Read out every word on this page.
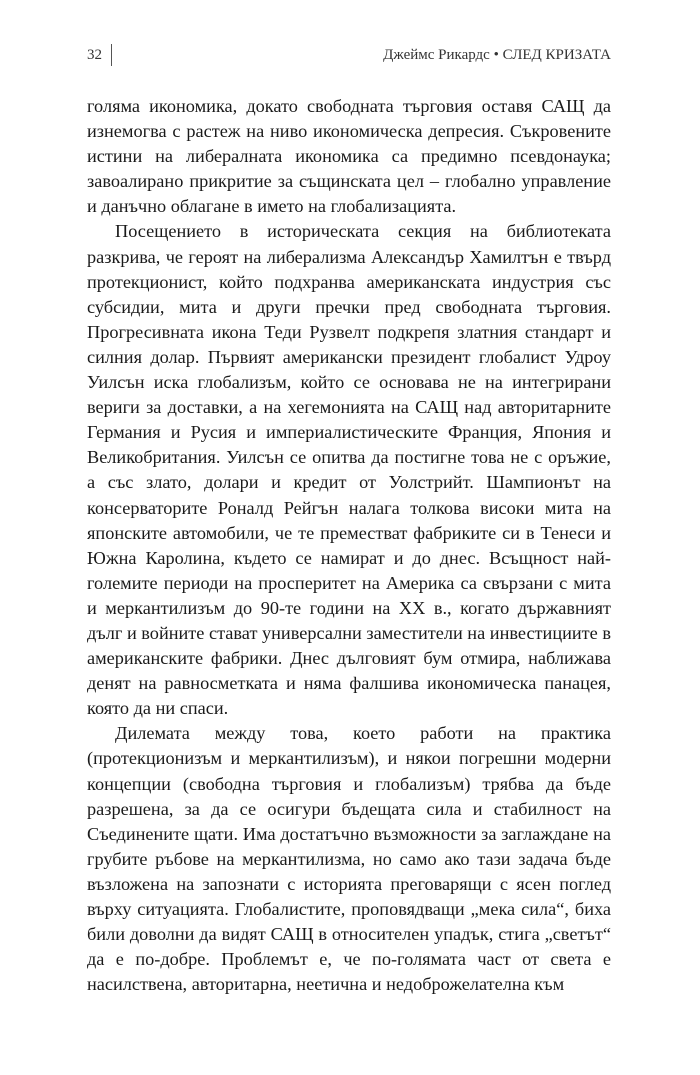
32	Джеймс Рикардс • СЛЕД КРИЗАТА

голяма икономика, докато свободната търговия оставя САЩ да изнемогва с растеж на ниво икономическа депресия. Съкровените истини на либералната икономика са предимно псевдонаука; завоалирано прикритие за същинската цел – глобално управление и данъчно облагане в името на глобализацията.

Посещението в историческата секция на библиотеката разкрива, че героят на либерализма Александър Хамилтън е твърд протекционист, който подхранва американската индустрия със субсидии, мита и други пречки пред свободната търговия. Прогресивната икона Теди Рузвелт подкрепя златния стандарт и силния долар. Първият американски президент глобалист Удроу Уилсън иска глобализъм, който се основава не на интегрирани вериги за доставки, а на хегемонията на САЩ над авторитарните Германия и Русия и империалистическите Франция, Япония и Великобритания. Уилсън се опитва да постигне това не с оръжие, а със злато, долари и кредит от Уолстрийт. Шампионът на консерваторите Роналд Рейгън налага толкова високи мита на японските автомобили, че те преместват фабриките си в Тенеси и Южна Каролина, където се намират и до днес. Всъщност най-големите периоди на просперитет на Америка са свързани с мита и меркантилизъм до 90-те години на XX в., когато държавният дълг и войните стават универсални заместители на инвестициите в американските фабрики. Днес дълговият бум отмира, наближава денят на равносметката и няма фалшива икономическа панацея, която да ни спаси.

Дилемата между това, което работи на практика (протекционизъм и меркантилизъм), и някои погрешни модерни концепции (свободна търговия и глобализъм) трябва да бъде разрешена, за да се осигури бъдещата сила и стабилност на Съединените щати. Има достатъчно възможности за заглаждане на грубите ръбове на меркантилизма, но само ако тази задача бъде възложена на запознати с историята преговарящи с ясен поглед върху ситуацията. Глобалистите, проповядващи „мека сила“, биха били доволни да видят САЩ в относителен упадък, стига „светът“ да е по-добре. Проблемът е, че по-голямата част от света е насилствена, авторитарна, неетична и недоброжелателна към
